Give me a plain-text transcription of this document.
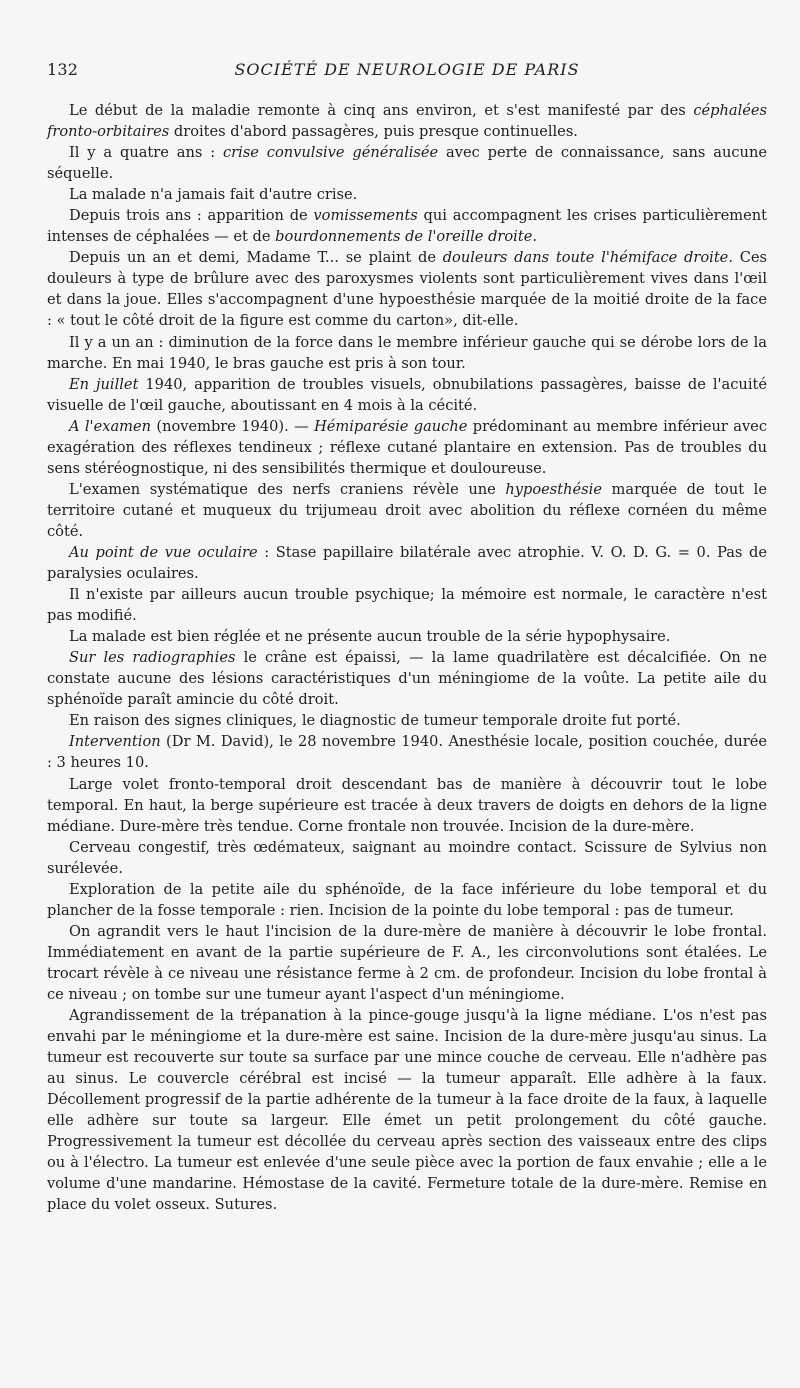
132	SOCIÉTÉ DE NEUROLOGIE DE PARIS

Le début de la maladie remonte à cinq ans environ, et s'est manifesté par des céphalées fronto-orbitaires droites d'abord passagères, puis presque continuelles.

Il y a quatre ans : crise convulsive généralisée avec perte de connaissance, sans aucune séquelle.

La malade n'a jamais fait d'autre crise.

Depuis trois ans : apparition de vomissements qui accompagnent les crises particulièrement intenses de céphalées — et de bourdonnements de l'oreille droite.

Depuis un an et demi, Madame T... se plaint de douleurs dans toute l'hémiface droite. Ces douleurs à type de brûlure avec des paroxysmes violents sont particulièrement vives dans l'œil et dans la joue. Elles s'accompagnent d'une hypoesthésie marquée de la moitié droite de la face : « tout le côté droit de la figure est comme du carton», dit-elle.

Il y a un an : diminution de la force dans le membre inférieur gauche qui se dérobe lors de la marche. En mai 1940, le bras gauche est pris à son tour.

En juillet 1940, apparition de troubles visuels, obnubilations passagères, baisse de l'acuité visuelle de l'œil gauche, aboutissant en 4 mois à la cécité.

A l'examen (novembre 1940). — Hémiparésie gauche prédominant au membre inférieur avec exagération des réflexes tendineux ; réflexe cutané plantaire en extension. Pas de troubles du sens stéréognostique, ni des sensibilités thermique et douloureuse.

L'examen systématique des nerfs craniens révèle une hypoesthésie marquée de tout le territoire cutané et muqueux du trijumeau droit avec abolition du réflexe cornéen du même côté.

Au point de vue oculaire : Stase papillaire bilatérale avec atrophie. V. O. D. G. = 0. Pas de paralysies oculaires.

Il n'existe par ailleurs aucun trouble psychique; la mémoire est normale, le caractère n'est pas modifié.

La malade est bien réglée et ne présente aucun trouble de la série hypophysaire.

Sur les radiographies le crâne est épaissi, — la lame quadrilatère est décalcifiée. On ne constate aucune des lésions caractéristiques d'un méningiome de la voûte. La petite aile du sphénoïde paraît amincie du côté droit.

En raison des signes cliniques, le diagnostic de tumeur temporale droite fut porté.

Intervention (Dr M. David), le 28 novembre 1940. Anesthésie locale, position couchée, durée : 3 heures 10.

Large volet fronto-temporal droit descendant bas de manière à découvrir tout le lobe temporal. En haut, la berge supérieure est tracée à deux travers de doigts en dehors de la ligne médiane. Dure-mère très tendue. Corne frontale non trouvée. Incision de la dure-mère.

Cerveau congestif, très œdémateux, saignant au moindre contact. Scissure de Sylvius non surélevée.

Exploration de la petite aile du sphénoïde, de la face inférieure du lobe temporal et du plancher de la fosse temporale : rien. Incision de la pointe du lobe temporal : pas de tumeur.

On agrandit vers le haut l'incision de la dure-mère de manière à découvrir le lobe frontal. Immédiatement en avant de la partie supérieure de F. A., les circonvolutions sont étalées. Le trocart révèle à ce niveau une résistance ferme à 2 cm. de profondeur. Incision du lobe frontal à ce niveau ; on tombe sur une tumeur ayant l'aspect d'un méningiome.

Agrandissement de la trépanation à la pince-gouge jusqu'à la ligne médiane. L'os n'est pas envahi par le méningiome et la dure-mère est saine. Incision de la dure-mère jusqu'au sinus. La tumeur est recouverte sur toute sa surface par une mince couche de cerveau. Elle n'adhère pas au sinus. Le couvercle cérébral est incisé — la tumeur apparaît. Elle adhère à la faux. Décollement progressif de la partie adhérente de la tumeur à la face droite de la faux, à laquelle elle adhère sur toute sa largeur. Elle émet un petit prolongement du côté gauche. Progressivement la tumeur est décollée du cerveau après section des vaisseaux entre des clips ou à l'électro. La tumeur est enlevée d'une seule pièce avec la portion de faux envahie ; elle a le volume d'une mandarine. Hémostase de la cavité. Fermeture totale de la dure-mère. Remise en place du volet osseux. Sutures.
